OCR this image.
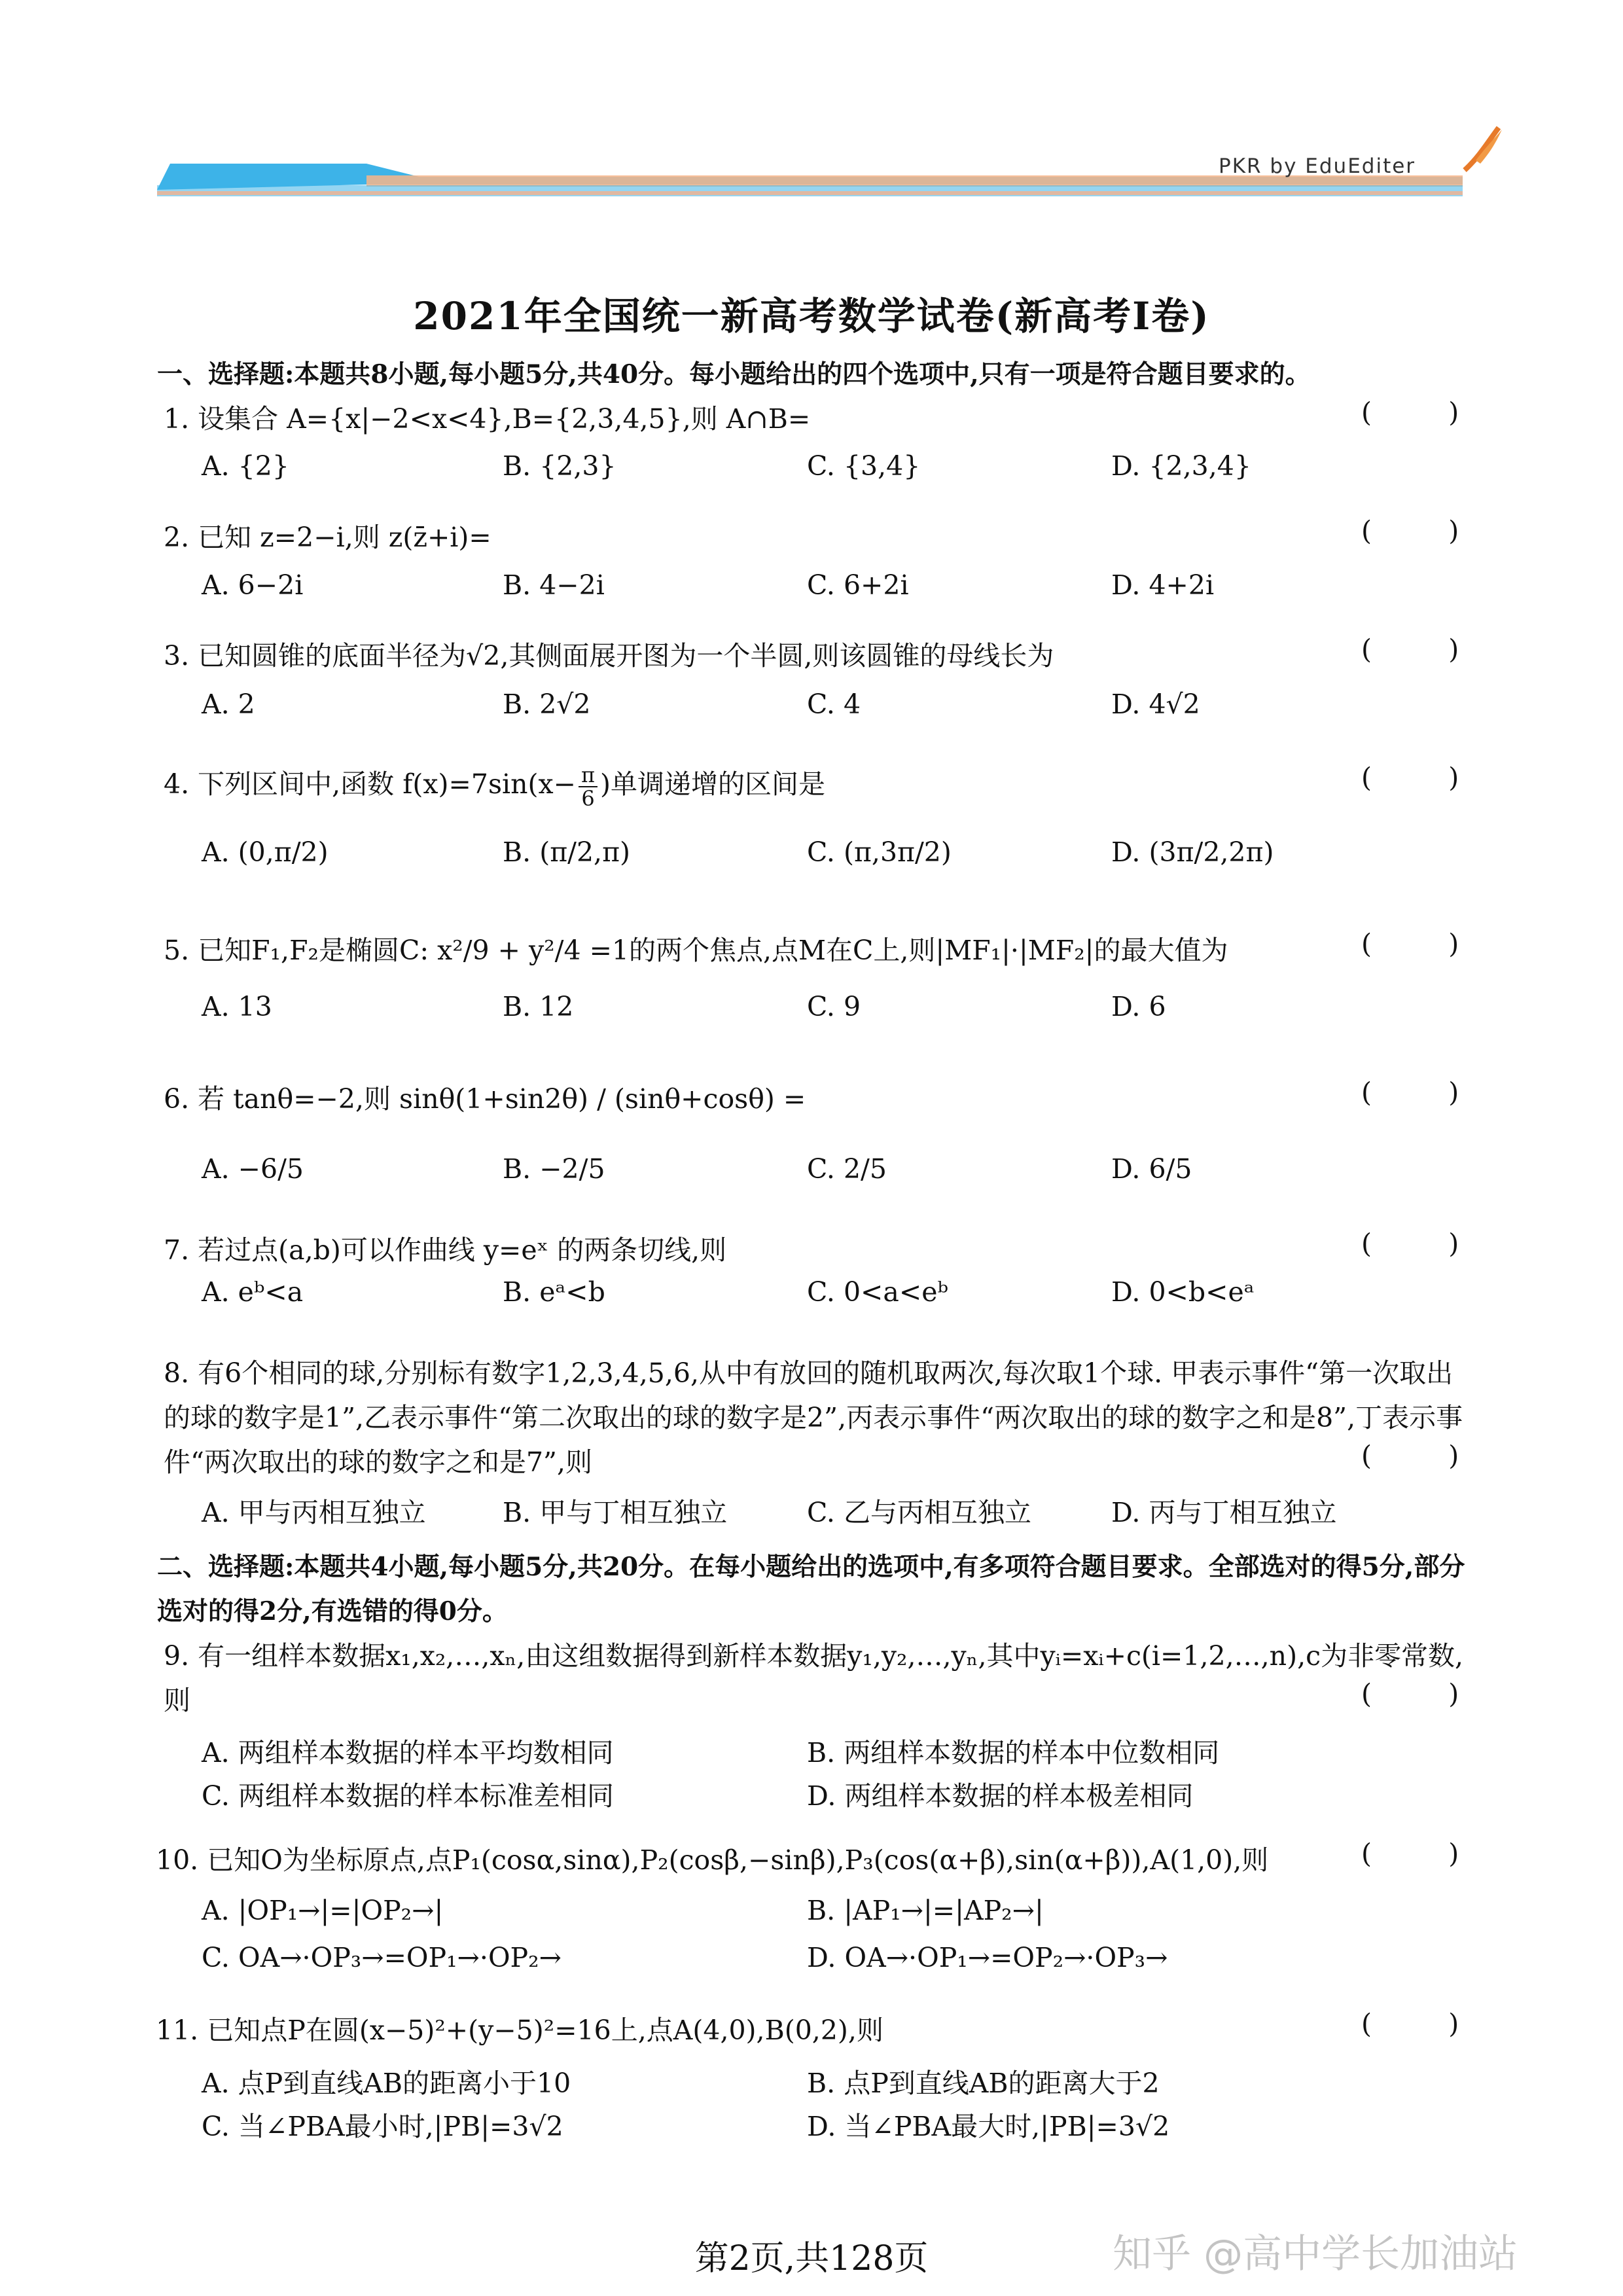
PKR by EduEditer
2021年全国统一新高考数学试卷(新高考Ⅰ卷)
一、选择题:本题共8小题,每小题5分,共40分。每小题给出的四个选项中,只有一项是符合题目要求的。
1. 设集合 A={x|−2<x<4},B={2,3,4,5},则 A∩B=	(         )
A. {2}	B. {2,3}	C. {3,4}	D. {2,3,4}
2. 已知 z=2−i,则 z(z̄+i)=	(         )
A. 6−2i	B. 4−2i	C. 6+2i	D. 4+2i
3. 已知圆锥的底面半径为√2,其侧面展开图为一个半圆,则该圆锥的母线长为	(         )
A. 2	B. 2√2	C. 4	D. 4√2
4. 下列区间中,函数 $f(x)=7\sin(x- \frac{\pi}{6}$ )单调递增的区间是	(         )
A. (0,π/2)	B. (π/2,π)	C. (π,3π/2)	D. (3π/2,2π)
5. 已知F₁,F₂是椭圆C: x²/9 + y²/4 =1的两个焦点,点M在C上,则|MF₁|·|MF₂|的最大值为	(         )
A. 13	B. 12	C. 9	D. 6
6. 若 tanθ=−2,则 sinθ(1+sin2θ) / (sinθ+cosθ) =	(         )
A. −6/5	B. −2/5	C. 2/5	D. 6/5
7. 若过点(a,b)可以作曲线 y=eˣ 的两条切线,则	(         )
A. eᵇ<a	B. eᵃ<b	C. 0<a<eᵇ	D. 0<b<eᵃ
8. 有6个相同的球,分别标有数字1,2,3,4,5,6,从中有放回的随机取两次,每次取1个球. 甲表示事件“第一次取出的球的数字是1”,乙表示事件“第二次取出的球的数字是2”,丙表示事件“两次取出的球的数字之和是8”,丁表示事件“两次取出的球的数字之和是7”,则	(         )
A. 甲与丙相互独立	B. 甲与丁相互独立	C. 乙与丙相互独立	D. 丙与丁相互独立
二、选择题:本题共4小题,每小题5分,共20分。在每小题给出的选项中,有多项符合题目要求。全部选对的得5分,部分选对的得2分,有选错的得0分。
9. 有一组样本数据x₁,x₂,…,xₙ,由这组数据得到新样本数据y₁,y₂,…,yₙ,其中yᵢ=xᵢ+c(i=1,2,…,n),c为非零常数,则	(         )
A. 两组样本数据的样本平均数相同	B. 两组样本数据的样本中位数相同
C. 两组样本数据的样本标准差相同	D. 两组样本数据的样本极差相同
10. 已知O为坐标原点,点P₁(cosα,sinα),P₂(cosβ,−sinβ),P₃(cos(α+β),sin(α+β)),A(1,0),则	(         )
A. |OP₁→|=|OP₂→|	B. |AP₁→|=|AP₂→|
C. OA→·OP₃→=OP₁→·OP₂→	D. OA→·OP₁→=OP₂→·OP₃→
11. 已知点P在圆(x−5)²+(y−5)²=16上,点A(4,0),B(0,2),则	(         )
A. 点P到直线AB的距离小于10	B. 点P到直线AB的距离大于2
C. 当∠PBA最小时,|PB|=3√2	D. 当∠PBA最大时,|PB|=3√2
第2页,共128页	知乎 @高中学长加油站
